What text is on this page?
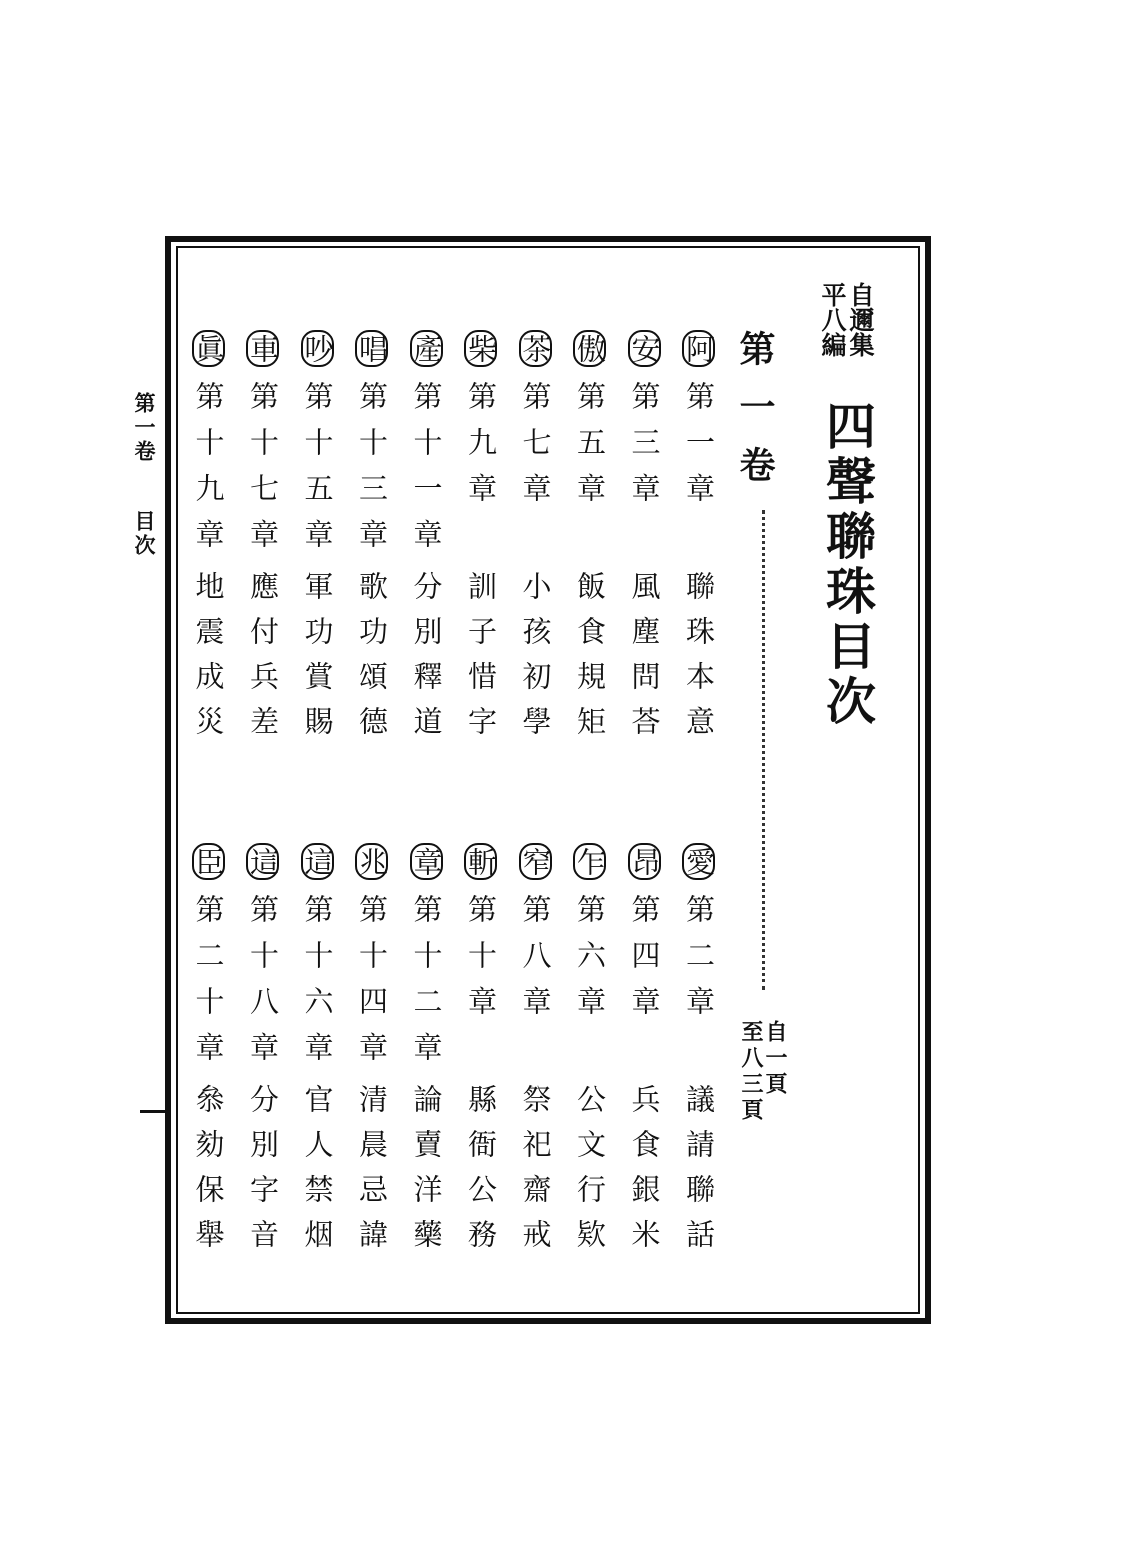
自邇集
平八編
四聲聯珠目次
第一卷
自一頁
至八三頁
第一卷
目次
阿第一章聯珠本意
安第三章風塵問荅
傲第五章飯食規矩
茶第七章小孩初學
柴第九章訓子惜字
產第十一章分別釋道
唱第十三章歌功頌德
吵第十五章軍功賞賜
車第十七章應付兵差
眞第十九章地震成災
愛第二章議請聯話
昂第四章兵食銀米
乍第六章公文行欵
窄第八章祭祀齋戒
斬第十章縣衙公務
章第十二章論賣洋藥
兆第十四章清晨忌諱
這第十六章官人禁烟
這第十八章分別字音
臣第二十章叅劾保舉
